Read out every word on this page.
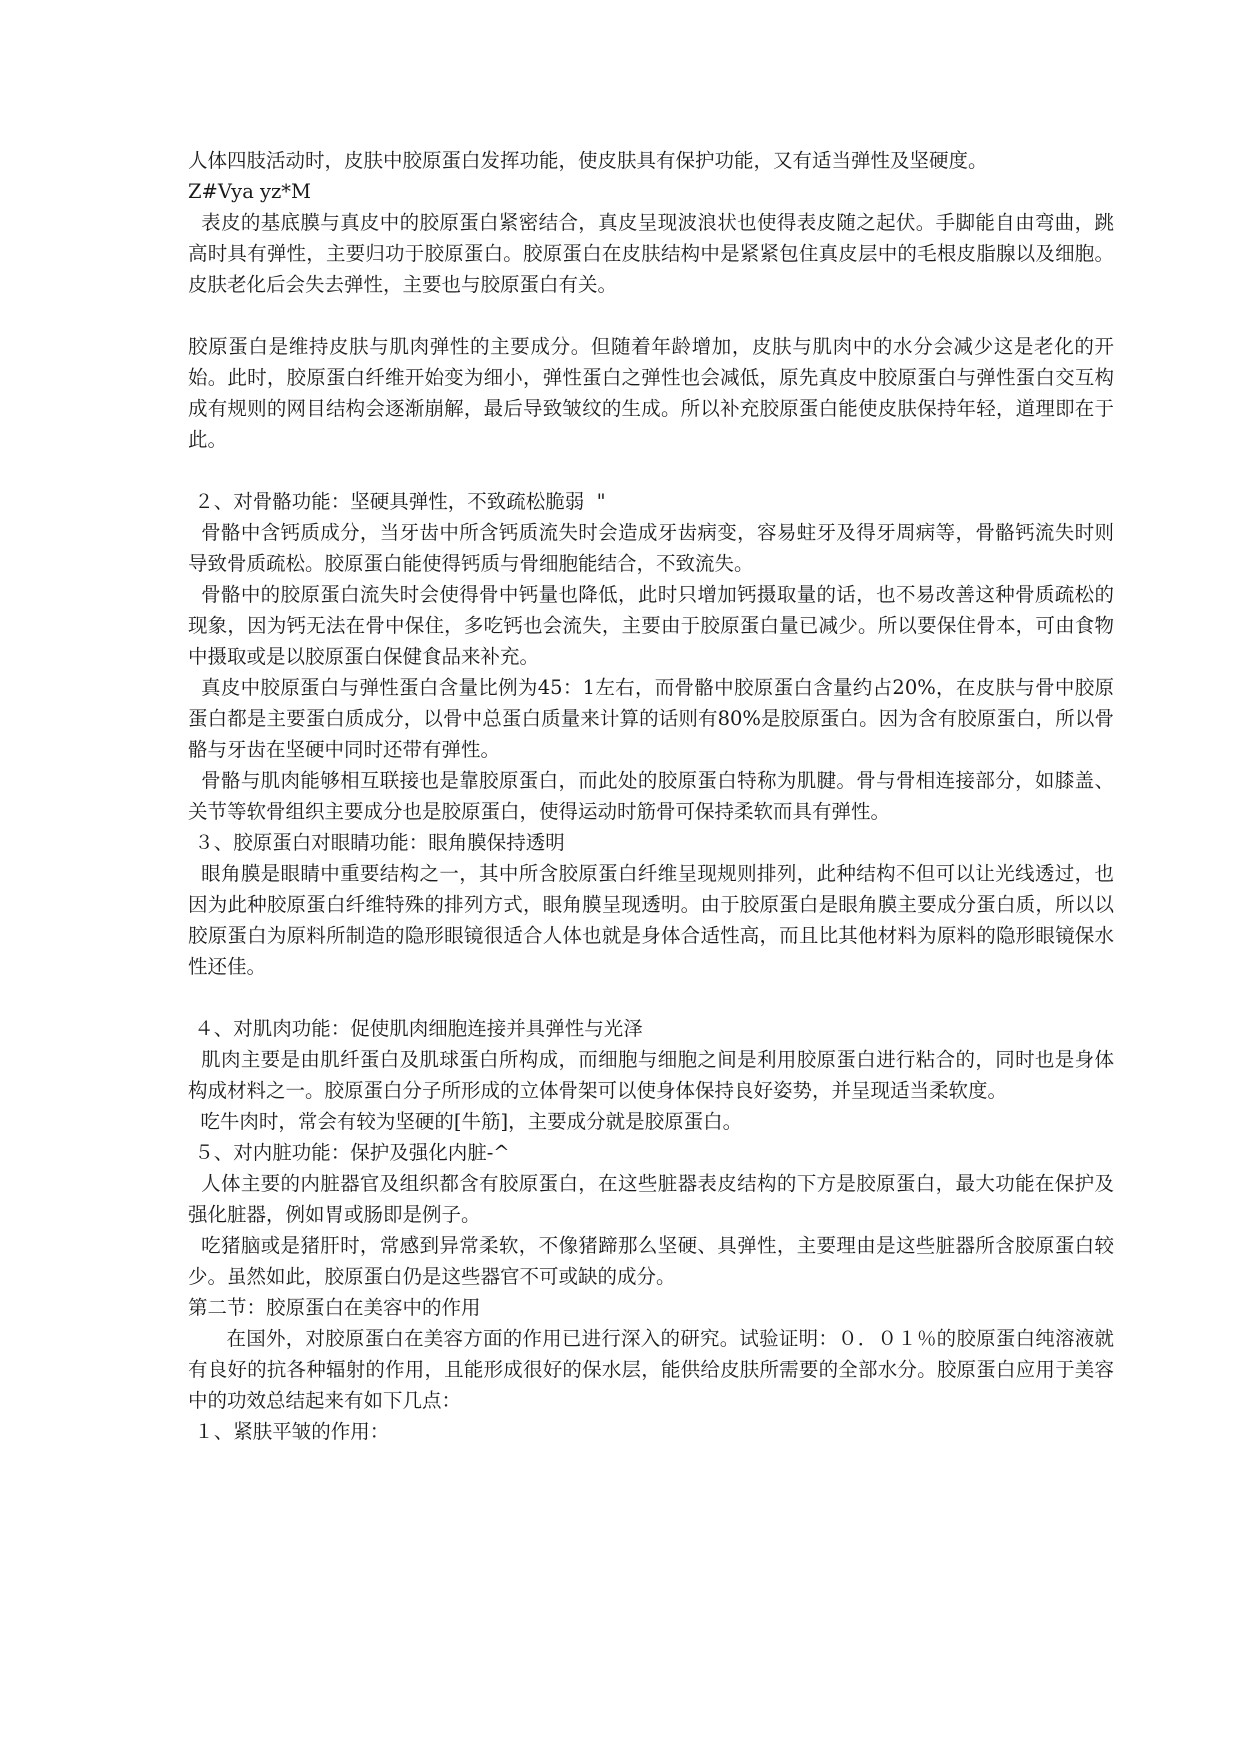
人体四肢活动时，皮肤中胶原蛋白发挥功能，使皮肤具有保护功能，又有适当弹性及坚硬度。

Z#Vya yz*M

表皮的基底膜与真皮中的胶原蛋白紧密结合，真皮呈现波浪状也使得表皮随之起伏。手脚能自由弯曲，跳高时具有弹性，主要归功于胶原蛋白。胶原蛋白在皮肤结构中是紧紧包住真皮层中的毛根皮脂腺以及细胞。皮肤老化后会失去弹性，主要也与胶原蛋白有关。

胶原蛋白是维持皮肤与肌肉弹性的主要成分。但随着年龄增加，皮肤与肌肉中的水分会减少这是老化的开始。此时，胶原蛋白纤维开始变为细小，弹性蛋白之弹性也会减低，原先真皮中胶原蛋白与弹性蛋白交互构成有规则的网目结构会逐渐崩解，最后导致皱纹的生成。所以补充胶原蛋白能使皮肤保持年轻，道理即在于此。

２、对骨骼功能：坚硬具弹性，不致疏松脆弱  "

骨骼中含钙质成分，当牙齿中所含钙质流失时会造成牙齿病变，容易蛀牙及得牙周病等，骨骼钙流失时则导致骨质疏松。胶原蛋白能使得钙质与骨细胞能结合，不致流失。

骨骼中的胶原蛋白流失时会使得骨中钙量也降低，此时只增加钙摄取量的话，也不易改善这种骨质疏松的现象，因为钙无法在骨中保住，多吃钙也会流失，主要由于胶原蛋白量已减少。所以要保住骨本，可由食物中摄取或是以胶原蛋白保健食品来补充。

真皮中胶原蛋白与弹性蛋白含量比例为45：1左右，而骨骼中胶原蛋白含量约占20%，在皮肤与骨中胶原蛋白都是主要蛋白质成分，以骨中总蛋白质量来计算的话则有80%是胶原蛋白。因为含有胶原蛋白，所以骨骼与牙齿在坚硬中同时还带有弹性。

骨骼与肌肉能够相互联接也是靠胶原蛋白，而此处的胶原蛋白特称为肌腱。骨与骨相连接部分，如膝盖、关节等软骨组织主要成分也是胶原蛋白，使得运动时筋骨可保持柔软而具有弹性。

３、胶原蛋白对眼睛功能：眼角膜保持透明

眼角膜是眼睛中重要结构之一，其中所含胶原蛋白纤维呈现规则排列，此种结构不但可以让光线透过，也因为此种胶原蛋白纤维特殊的排列方式，眼角膜呈现透明。由于胶原蛋白是眼角膜主要成分蛋白质，所以以胶原蛋白为原料所制造的隐形眼镜很适合人体也就是身体合适性高，而且比其他材料为原料的隐形眼镜保水性还佳。

４、对肌肉功能：促使肌肉细胞连接并具弹性与光泽

肌肉主要是由肌纤蛋白及肌球蛋白所构成，而细胞与细胞之间是利用胶原蛋白进行粘合的，同时也是身体构成材料之一。胶原蛋白分子所形成的立体骨架可以使身体保持良好姿势，并呈现适当柔软度。

吃牛肉时，常会有较为坚硬的[牛筋]，主要成分就是胶原蛋白。

５、对内脏功能：保护及强化内脏-^

人体主要的内脏器官及组织都含有胶原蛋白，在这些脏器表皮结构的下方是胶原蛋白，最大功能在保护及强化脏器，例如胃或肠即是例子。

吃猪脑或是猪肝时，常感到异常柔软，不像猪蹄那么坚硬、具弹性，主要理由是这些脏器所含胶原蛋白较少。虽然如此，胶原蛋白仍是这些器官不可或缺的成分。

第二节：胶原蛋白在美容中的作用

在国外，对胶原蛋白在美容方面的作用已进行深入的研究。试验证明：０．０１％的胶原蛋白纯溶液就有良好的抗各种辐射的作用，且能形成很好的保水层，能供给皮肤所需要的全部水分。胶原蛋白应用于美容中的功效总结起来有如下几点：

１、紧肤平皱的作用：
